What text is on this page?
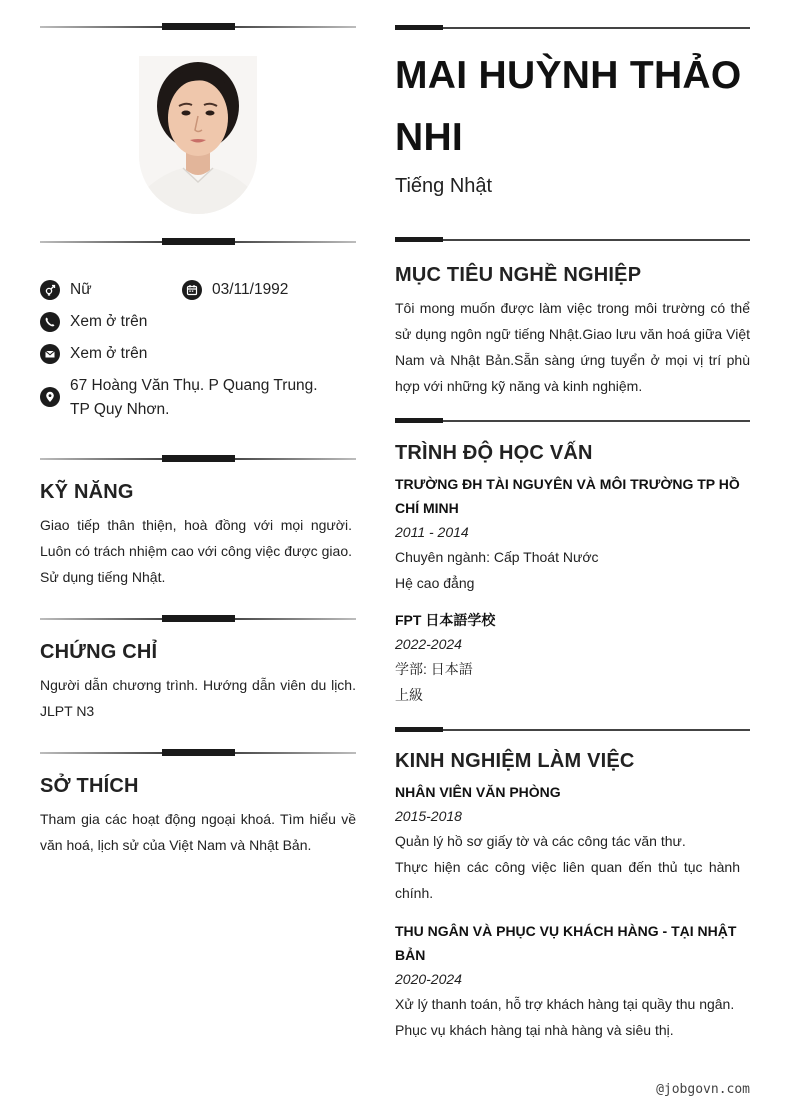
Nữ	03/11/1992
Xem ở trên
Xem ở trên
67 Hoàng Văn Thụ. P Quang Trung. TP Quy Nhơn.
KỸ NĂNG
Giao tiếp thân thiện, hoà đồng với mọi người. Luôn có trách nhiệm cao với công việc được giao. Sử dụng tiếng Nhật.
CHỨNG CHỈ
Người dẫn chương trình. Hướng dẫn viên du lịch. JLPT N3
SỞ THÍCH
Tham gia các hoạt động ngoại khoá. Tìm hiểu về văn hoá, lịch sử của Việt Nam và Nhật Bản.
MAI HUỲNH THẢO NHI
Tiếng Nhật
MỤC TIÊU NGHỀ NGHIỆP
Tôi mong muốn được làm việc trong môi trường có thể sử dụng ngôn ngữ tiếng Nhật.Giao lưu văn hoá giữa Việt Nam và Nhật Bản.Sẵn sàng ứng tuyển ở mọi vị trí phù hợp với những kỹ năng và kinh nghiệm.
TRÌNH ĐỘ HỌC VẤN
TRƯỜNG ĐH TÀI NGUYÊN VÀ MÔI TRƯỜNG TP HỒ CHÍ MINH
2011 - 2014
Chuyên ngành: Cấp Thoát Nước
Hệ cao đẳng
FPT 日本語学校
2022-2024
学部: 日本語
上級
KINH NGHIỆM LÀM VIỆC
NHÂN VIÊN VĂN PHÒNG
2015-2018
Quản lý hồ sơ giấy tờ và các công tác văn thư.
Thực hiện các công việc liên quan đến thủ tục hành chính.
THU NGÂN VÀ PHỤC VỤ KHÁCH HÀNG - TẠI NHẬT BẢN
2020-2024
Xử lý thanh toán, hỗ trợ khách hàng tại quầy thu ngân.
Phục vụ khách hàng tại nhà hàng và siêu thị.
@jobgovn.com
